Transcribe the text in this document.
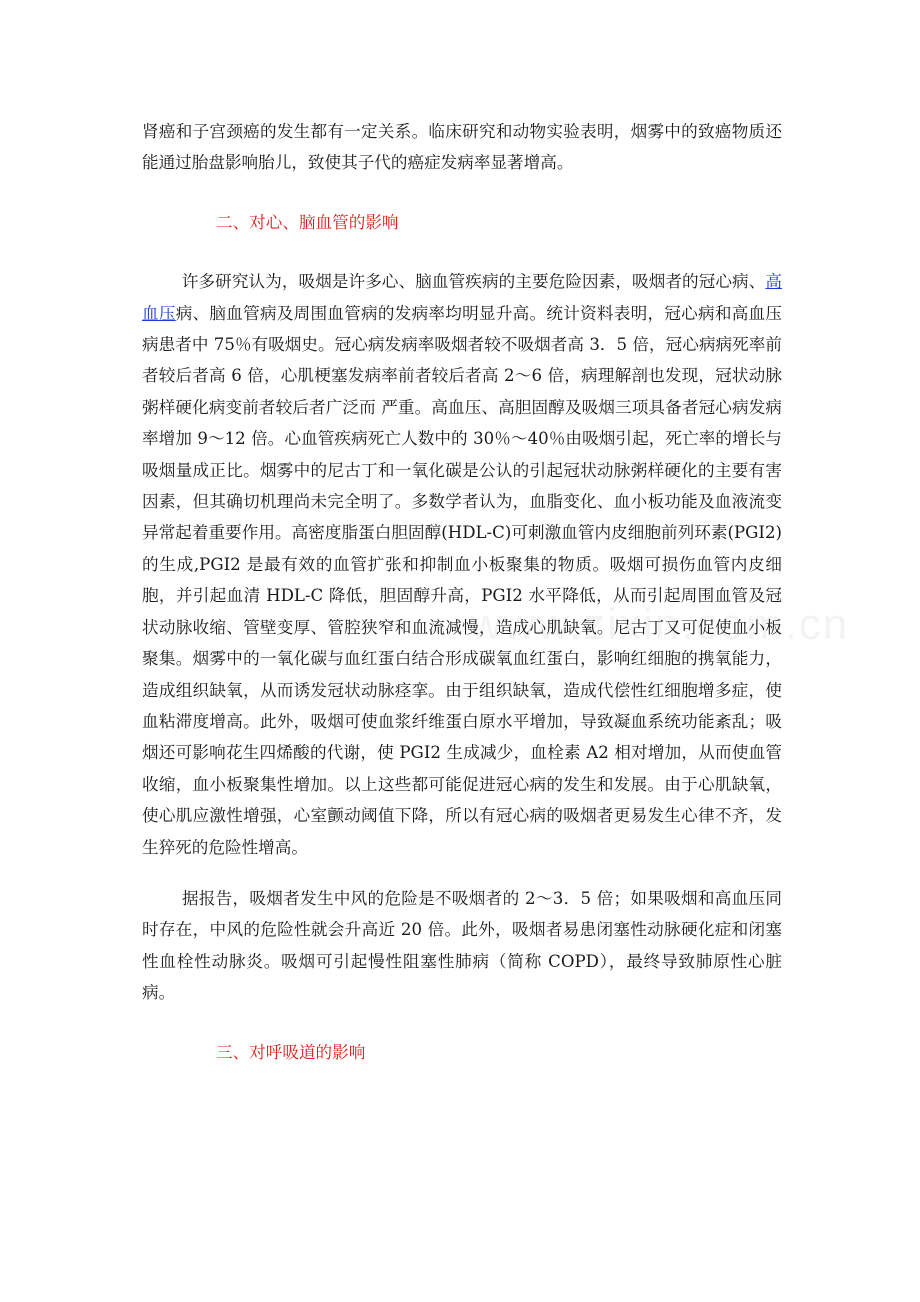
肾癌和子宫颈癌的发生都有一定关系。临床研究和动物实验表明，烟雾中的致癌物质还能通过胎盘影响胎儿，致使其子代的癌症发病率显著增高。

二、对心、脑血管的影响

许多研究认为，吸烟是许多心、脑血管疾病的主要危险因素，吸烟者的冠心病、高血压病、脑血管病及周围血管病的发病率均明显升高。统计资料表明，冠心病和高血压病患者中 75％有吸烟史。冠心病发病率吸烟者较不吸烟者高 3．5 倍，冠心病病死率前者较后者高 6 倍，心肌梗塞发病率前者较后者高 2～6 倍，病理解剖也发现，冠状动脉粥样硬化病变前者较后者广泛而 严重。高血压、高胆固醇及吸烟三项具备者冠心病发病率增加 9～12 倍。心血管疾病死亡人数中的 30％～40％由吸烟引起，死亡率的增长与吸烟量成正比。烟雾中的尼古丁和一氧化碳是公认的引起冠状动脉粥样硬化的主要有害因素，但其确切机理尚未完全明了。多数学者认为，血脂变化、血小板功能及血液流变异常起着重要作用。高密度脂蛋白胆固醇(HDL-C)可刺激血管内皮细胞前列环素(PGI2)的生成,PGI2 是最有效的血管扩张和抑制血小板聚集的物质。吸烟可损伤血管内皮细胞，并引起血清 HDL-C 降低，胆固醇升高，PGI2 水平降低，从而引起周围血管及冠状动脉收缩、管壁变厚、管腔狭窄和血流减慢，造成心肌缺氧。尼古丁又可促使血小板聚集。烟雾中的一氧化碳与血红蛋白结合形成碳氧血红蛋白，影响红细胞的携氧能力，造成组织缺氧，从而诱发冠状动脉痉挛。由于组织缺氧，造成代偿性红细胞增多症，使血粘滞度增高。此外，吸烟可使血浆纤维蛋白原水平增加，导致凝血系统功能紊乱；吸烟还可影响花生四烯酸的代谢，使 PGI2 生成减少，血栓素 A2 相对增加，从而使血管收缩，血小板聚集性增加。以上这些都可能促进冠心病的发生和发展。由于心肌缺氧，使心肌应激性增强，心室颤动阈值下降，所以有冠心病的吸烟者更易发生心律不齐，发生猝死的危险性增高。

据报告，吸烟者发生中风的危险是不吸烟者的 2～3．5 倍；如果吸烟和高血压同时存在，中风的危险性就会升高近 20 倍。此外，吸烟者易患闭塞性动脉硬化症和闭塞性血栓性动脉炎。吸烟可引起慢性阻塞性肺病（简称 COPD），最终导致肺原性心脏病。

三、对呼吸道的影响
